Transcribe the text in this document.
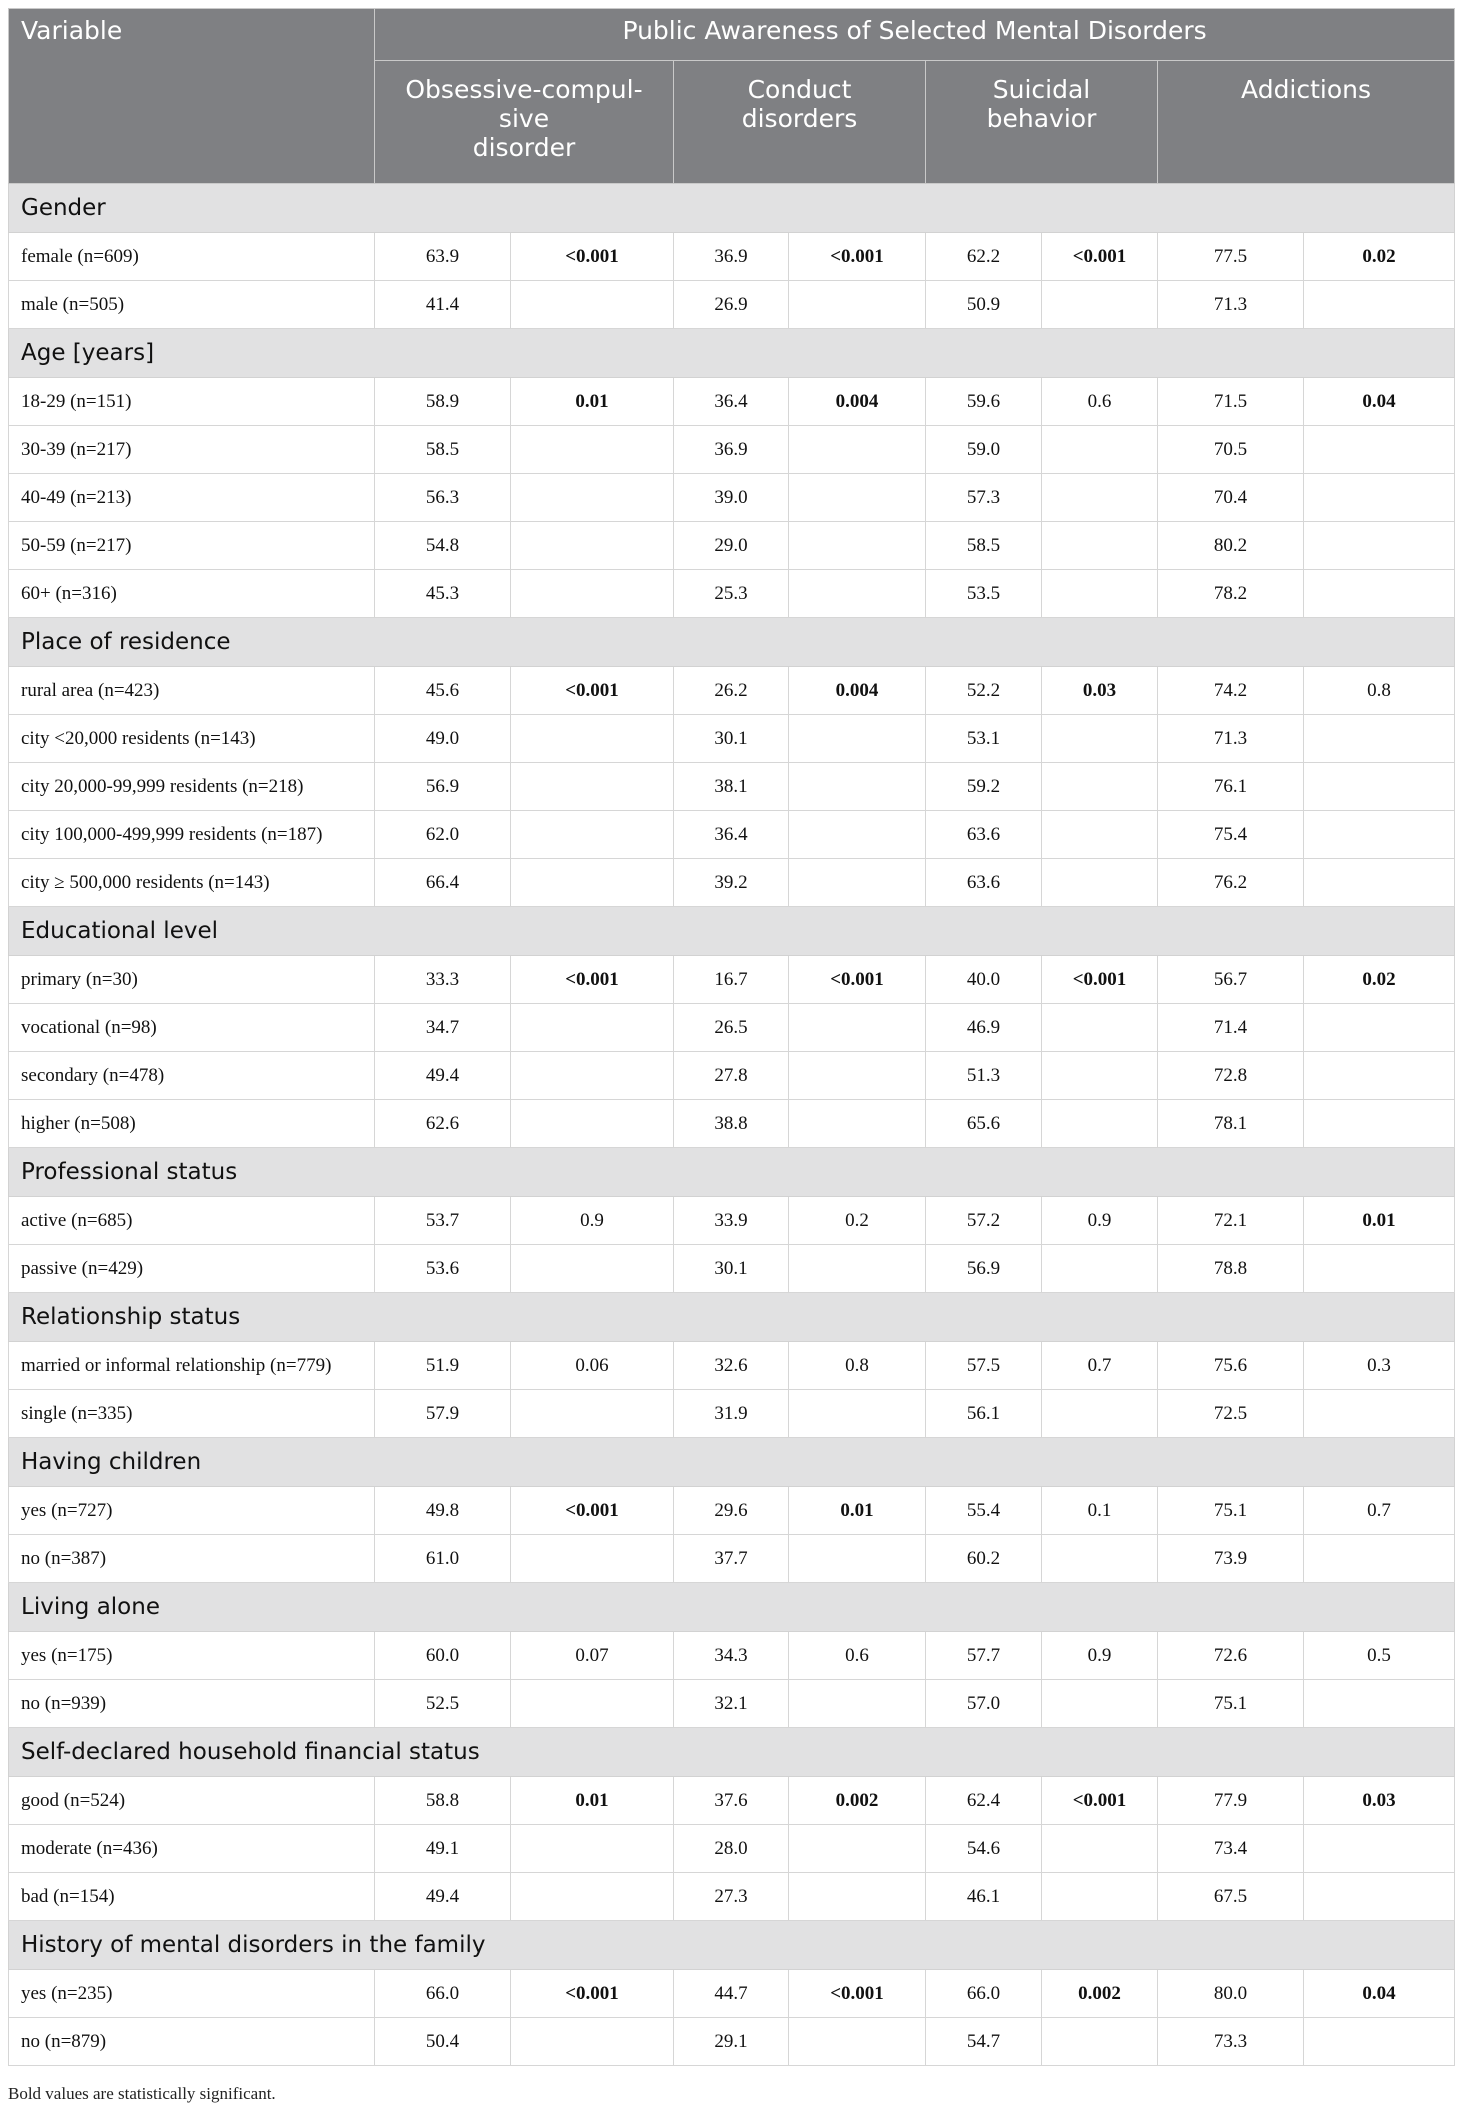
Variable	Public Awareness of Selected Mental Disorders							
	Obsessive-compul-
sive
disorder		Conduct disorders		Suicidal behavior		Addictions	
Gender								
female (n=609)	63.9	<0.001	36.9	<0.001	62.2	<0.001	77.5	0.02
male (n=505)	41.4		26.9		50.9		71.3	
Age [years]								
18-29 (n=151)	58.9	0.01	36.4	0.004	59.6	0.6	71.5	0.04
30-39 (n=217)	58.5		36.9		59.0		70.5	
40-49 (n=213)	56.3		39.0		57.3		70.4	
50-59 (n=217)	54.8		29.0		58.5		80.2	
60+ (n=316)	45.3		25.3		53.5		78.2	
Place of residence								
rural area (n=423)	45.6	<0.001	26.2	0.004	52.2	0.03	74.2	0.8
city <20,000 residents (n=143)	49.0		30.1		53.1		71.3	
city 20,000-99,999 residents (n=218)	56.9		38.1		59.2		76.1	
city 100,000-499,999 residents (n=187)	62.0		36.4		63.6		75.4	
city ≥ 500,000 residents (n=143)	66.4		39.2		63.6		76.2	
Educational level								
primary (n=30)	33.3	<0.001	16.7	<0.001	40.0	<0.001	56.7	0.02
vocational (n=98)	34.7		26.5		46.9		71.4	
secondary (n=478)	49.4		27.8		51.3		72.8	
higher (n=508)	62.6		38.8		65.6		78.1	
Professional status								
active (n=685)	53.7	0.9	33.9	0.2	57.2	0.9	72.1	0.01
passive (n=429)	53.6		30.1		56.9		78.8	
Relationship status								
married or informal relationship (n=779)	51.9	0.06	32.6	0.8	57.5	0.7	75.6	0.3
single (n=335)	57.9		31.9		56.1		72.5	
Having children								
yes (n=727)	49.8	<0.001	29.6	0.01	55.4	0.1	75.1	0.7
no (n=387)	61.0		37.7		60.2		73.9	
Living alone								
yes (n=175)	60.0	0.07	34.3	0.6	57.7	0.9	72.6	0.5
no (n=939)	52.5		32.1		57.0		75.1	
Self-declared household financial status								
good (n=524)	58.8	0.01	37.6	0.002	62.4	<0.001	77.9	0.03
moderate (n=436)	49.1		28.0		54.6		73.4	
bad (n=154)	49.4		27.3		46.1		67.5	
History of mental disorders in the family								
yes (n=235)	66.0	<0.001	44.7	<0.001	66.0	0.002	80.0	0.04
no (n=879)	50.4		29.1		54.7		73.3	
Bold values are statistically significant.
